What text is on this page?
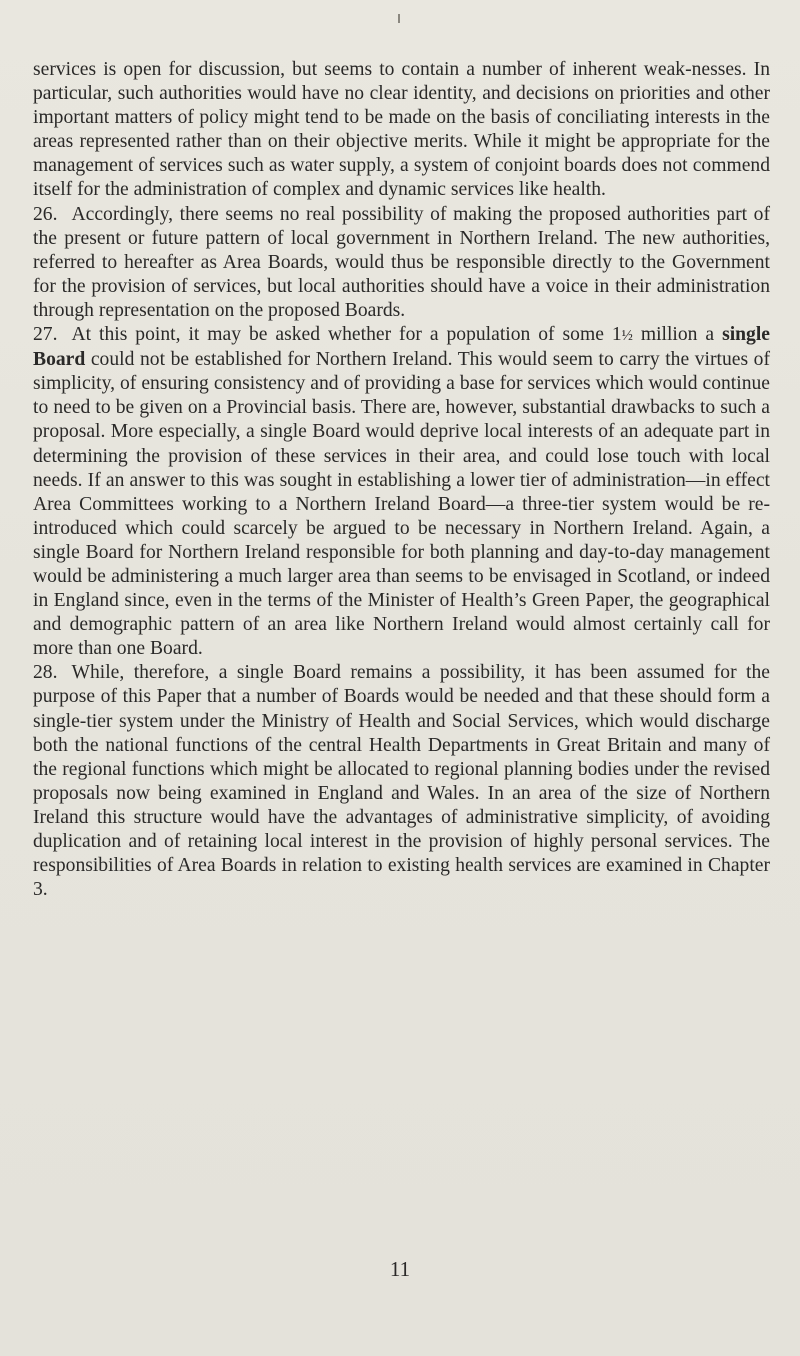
services is open for discussion, but seems to contain a number of inherent weak-nesses. In particular, such authorities would have no clear identity, and decisions on priorities and other important matters of policy might tend to be made on the basis of conciliating interests in the areas represented rather than on their objective merits. While it might be appropriate for the management of services such as water supply, a system of conjoint boards does not commend itself for the administration of complex and dynamic services like health.

26. Accordingly, there seems no real possibility of making the proposed authorities part of the present or future pattern of local government in Northern Ireland. The new authorities, referred to hereafter as Area Boards, would thus be responsible directly to the Government for the provision of services, but local authorities should have a voice in their administration through representation on the proposed Boards.

27. At this point, it may be asked whether for a population of some 1½ million a single Board could not be established for Northern Ireland. This would seem to carry the virtues of simplicity, of ensuring consistency and of providing a base for services which would continue to need to be given on a Provincial basis. There are, however, substantial drawbacks to such a proposal. More especially, a single Board would deprive local interests of an adequate part in determining the provision of these services in their area, and could lose touch with local needs. If an answer to this was sought in establishing a lower tier of administration—in effect Area Committees working to a Northern Ireland Board—a three-tier system would be re-introduced which could scarcely be argued to be necessary in Northern Ireland. Again, a single Board for Northern Ireland responsible for both planning and day-to-day management would be administering a much larger area than seems to be envisaged in Scotland, or indeed in England since, even in the terms of the Minister of Health’s Green Paper, the geographical and demographic pattern of an area like Northern Ireland would almost certainly call for more than one Board.

28. While, therefore, a single Board remains a possibility, it has been assumed for the purpose of this Paper that a number of Boards would be needed and that these should form a single-tier system under the Ministry of Health and Social Services, which would discharge both the national functions of the central Health Departments in Great Britain and many of the regional functions which might be allocated to regional planning bodies under the revised proposals now being examined in England and Wales. In an area of the size of Northern Ireland this structure would have the advantages of administrative simplicity, of avoiding duplication and of retaining local interest in the provision of highly personal services. The responsibilities of Area Boards in relation to existing health services are examined in Chapter 3.

11
